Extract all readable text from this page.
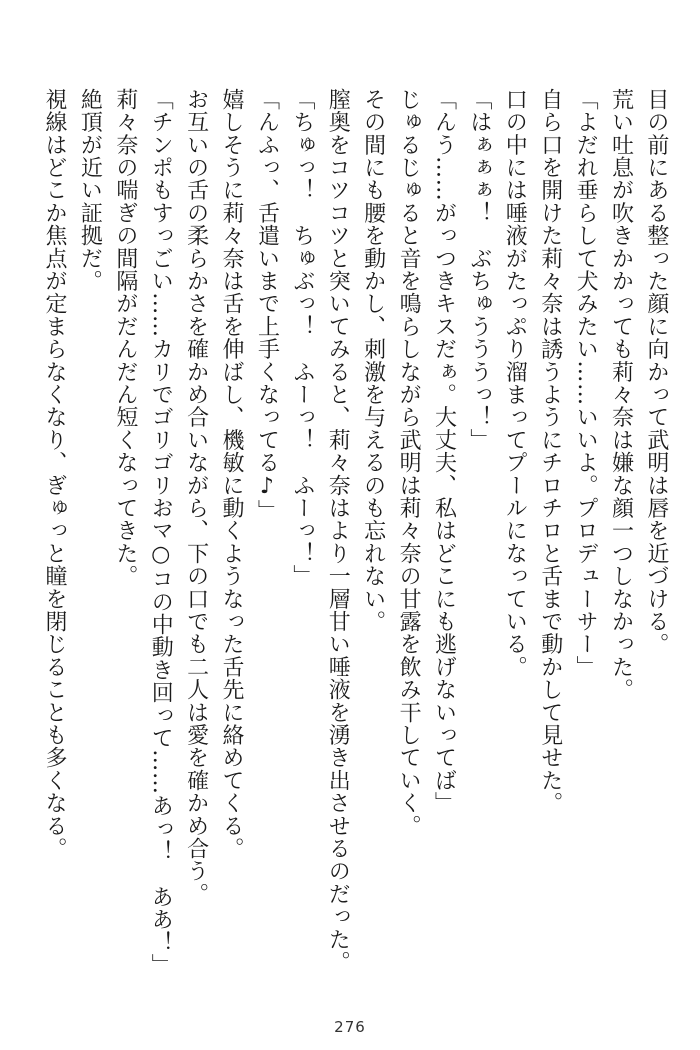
目の前にある整った顔に向かって武明は唇を近づける。
荒い吐息が吹きかかっても莉々奈は嫌な顔一つしなかった。
「よだれ垂らして犬みたい……いいよ。プロデューサー」
自ら口を開けた莉々奈は誘うようにチロチロと舌まで動かして見せた。
口の中には唾液がたっぷり溜まってプールになっている。
「はぁぁぁ！　ぶちゅうううっ！」
「んう……がっつきキスだぁ。大丈夫、私はどこにも逃げないってば」
じゅるじゅると音を鳴らしながら武明は莉々奈の甘露を飲み干していく。
その間にも腰を動かし、刺激を与えるのも忘れない。
膣奥をコツコツと突いてみると、莉々奈はより一層甘い唾液を湧き出させるのだった。
「ちゅっ！　ちゅぶっ！　ふーっ！　ふーっ！」
「んふっ、舌遣いまで上手くなってる♪」
嬉しそうに莉々奈は舌を伸ばし、機敏に動くようなった舌先に絡めてくる。
お互いの舌の柔らかさを確かめ合いながら、下の口でも二人は愛を確かめ合う。
「チンポもすっごい……カリでゴリゴリおマ○コの中動き回って……あっ！　ああ！」
莉々奈の喘ぎの間隔がだんだん短くなってきた。
絶頂が近い証拠だ。
視線はどこか焦点が定まらなくなり、ぎゅっと瞳を閉じることも多くなる。
276
